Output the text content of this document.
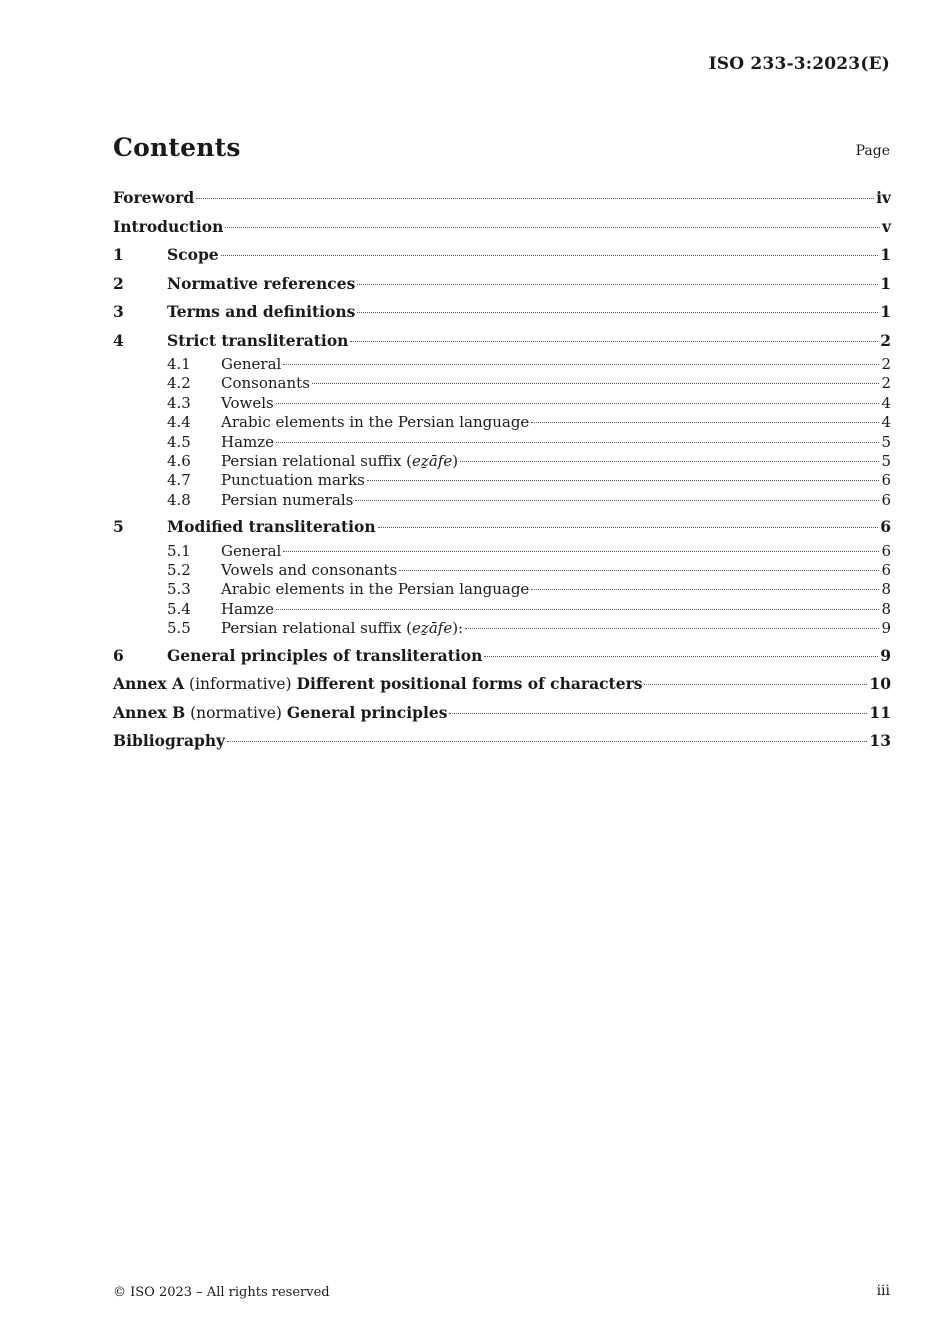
ISO 233-3:2023(E)
Contents	Page
Foreword	iv
Introduction	v
1	Scope	1
2	Normative references	1
3	Terms and definitions	1
4	Strict transliteration	2
4.1	General	2
4.2	Consonants	2
4.3	Vowels	4
4.4	Arabic elements in the Persian language	4
4.5	Hamze	5
4.6	Persian relational suffix (eẕāfe)	5
4.7	Punctuation marks	6
4.8	Persian numerals	6
5	Modified transliteration	6
5.1	General	6
5.2	Vowels and consonants	6
5.3	Arabic elements in the Persian language	8
5.4	Hamze	8
5.5	Persian relational suffix (eẕāfe):	9
6	General principles of transliteration	9
Annex A (informative) Different positional forms of characters	10
Annex B (normative) General principles	11
Bibliography	13
© ISO 2023 – All rights reserved	iii
